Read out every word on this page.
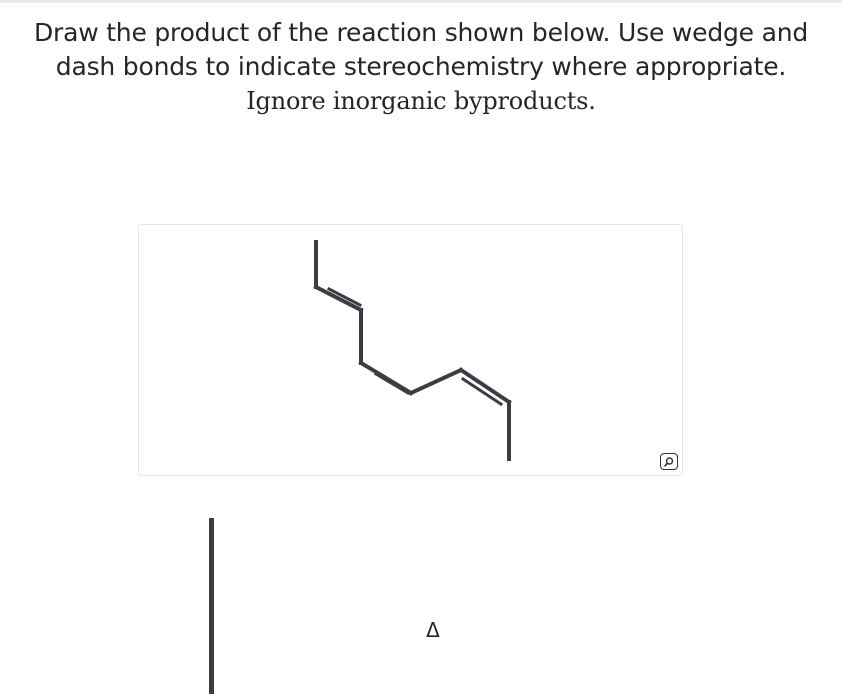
Draw the product of the reaction shown below. Use wedge and
dash bonds to indicate stereochemistry where appropriate.
Ignore inorganic byproducts.
Δ
